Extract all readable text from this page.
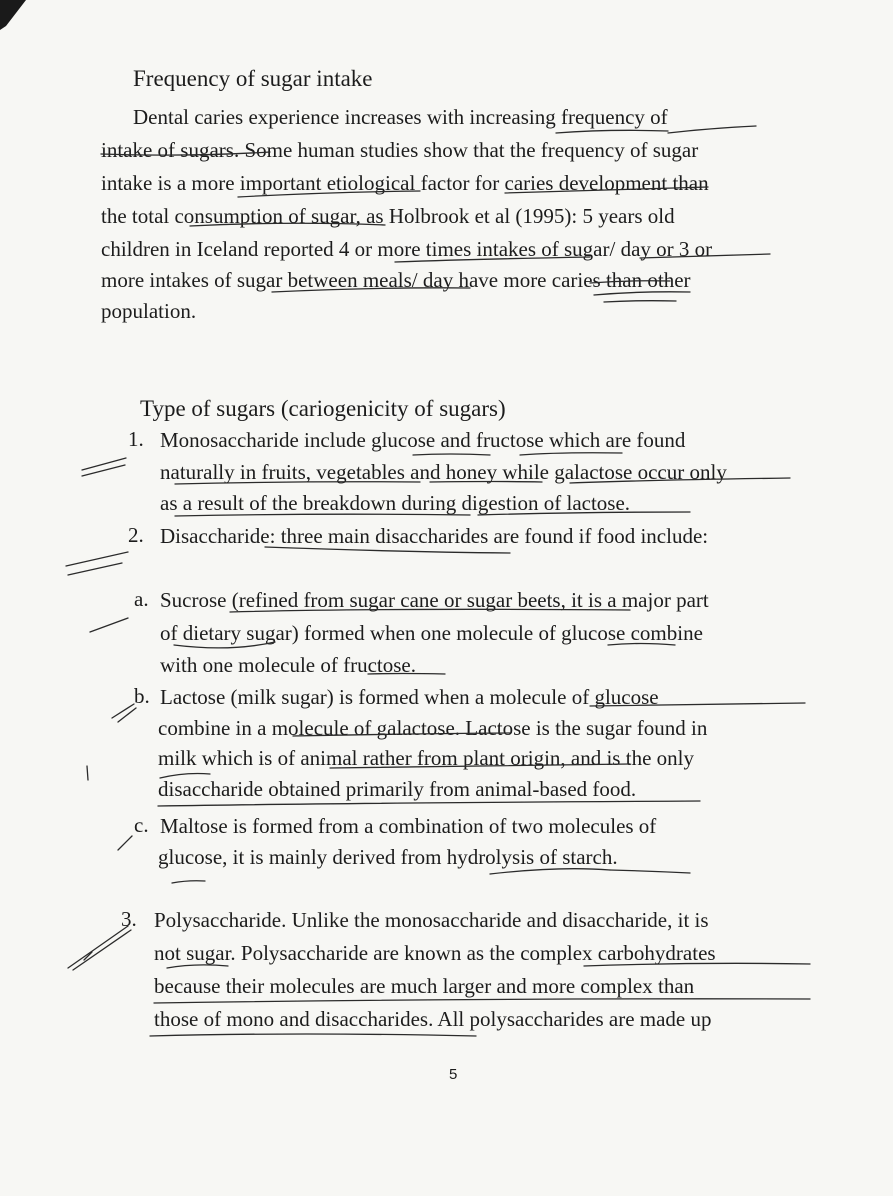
Frequency of sugar intake
Dental caries experience increases with increasing frequency of
intake of sugars. Some human studies show that the frequency of sugar
intake is a more important etiological factor for caries development than
the total consumption of sugar, as Holbrook et al (1995): 5 years old
children in Iceland reported 4 or more times intakes of sugar/ day or 3 or
more intakes of sugar between meals/ day have more caries than other
population.
Type of sugars (cariogenicity of sugars)
1. Monosaccharide include glucose and fructose which are found
naturally in fruits, vegetables and honey while galactose occur only
as a result of the breakdown during digestion of lactose.
2. Disaccharide: three main disaccharides are found if food include:
a. Sucrose (refined from sugar cane or sugar beets, it is a major part
of dietary sugar) formed when one molecule of glucose combine
with one molecule of fructose.
b. Lactose (milk sugar) is formed when a molecule of glucose
combine in a molecule of galactose. Lactose is the sugar found in
milk which is of animal rather from plant origin, and is the only
disaccharide obtained primarily from animal-based food.
c. Maltose is formed from a combination of two molecules of
glucose, it is mainly derived from hydrolysis of starch.
3. Polysaccharide. Unlike the monosaccharide and disaccharide, it is
not sugar. Polysaccharide are known as the complex carbohydrates
because their molecules are much larger and more complex than
those of mono and disaccharides. All polysaccharides are made up
5
